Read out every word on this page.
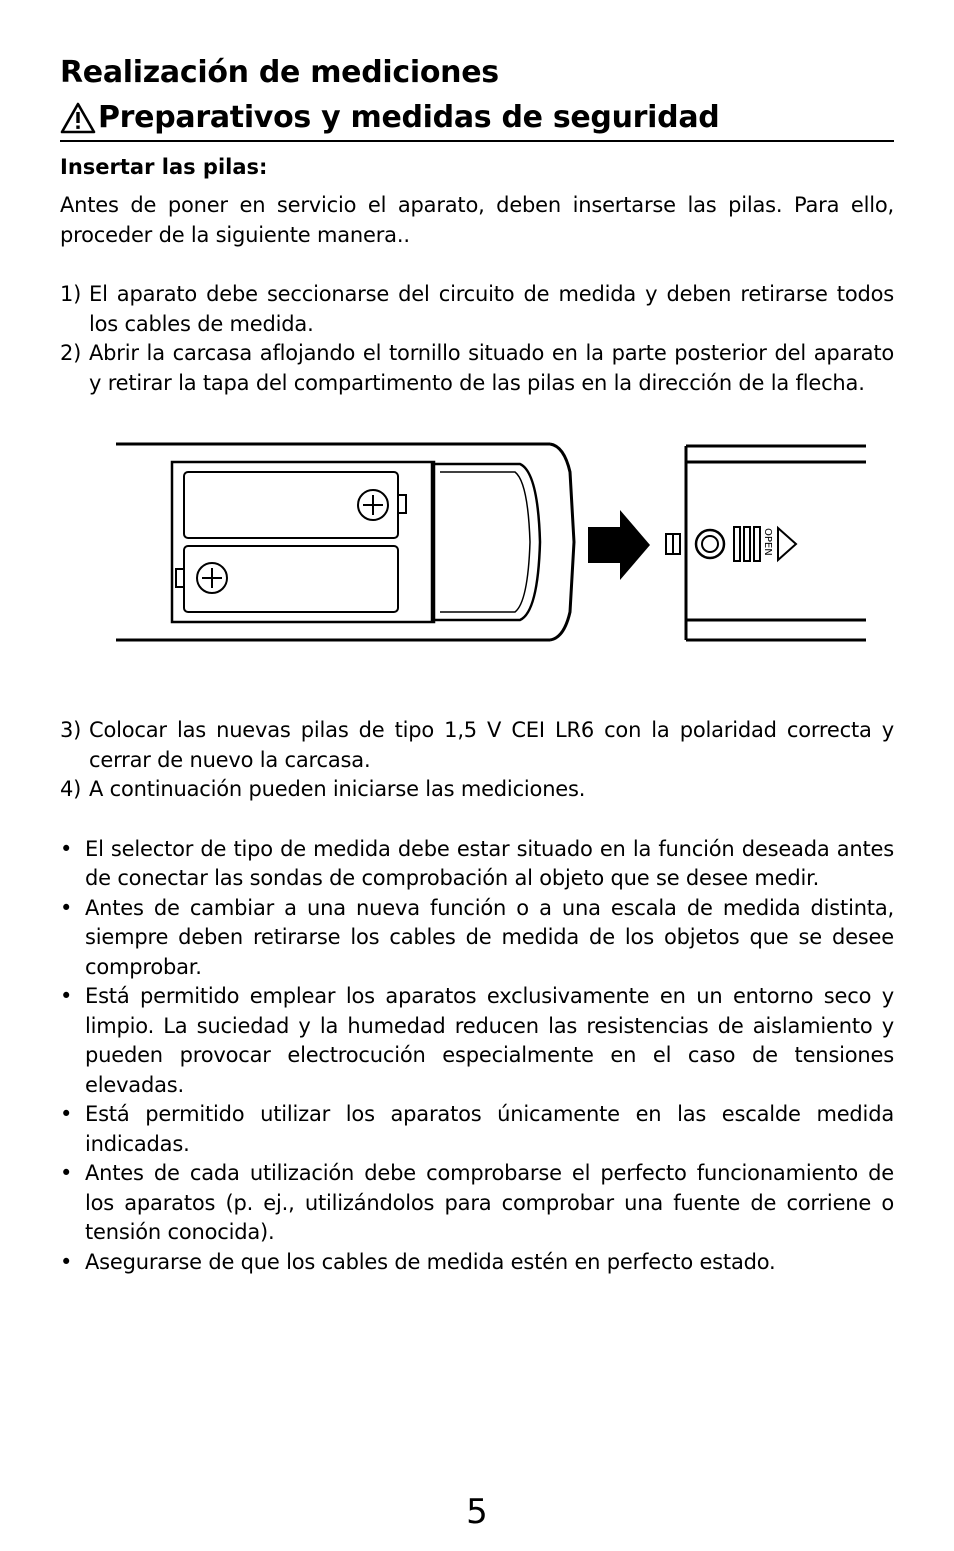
Realización de mediciones
Preparativos y medidas de seguridad
Insertar las pilas:

Antes de poner en servicio el aparato, deben insertarse las pilas. Para ello, proceder de la siguiente manera..

1) El aparato debe seccionarse del circuito de medida y deben retirarse todos los cables de medida.
2) Abrir la carcasa aflojando el tornillo situado en la parte posterior del aparato y retirar la tapa del compartimento de las pilas en la dirección de la flecha.
OPEN
3) Colocar las nuevas pilas de tipo 1,5 V CEI LR6 con la polaridad correcta y cerrar de nuevo la carcasa.
4) A continuación pueden iniciarse las mediciones.
• El selector de tipo de medida debe estar situado en la función deseada antes de conectar las sondas de comprobación al objeto que se desee medir.
• Antes de cambiar a una nueva función o a una escala de medida distinta, siempre deben retirarse los cables de medida de los objetos que se desee comprobar.
• Está permitido emplear los aparatos exclusivamente en un entorno seco y limpio. La suciedad y la humedad reducen las resistencias de aislamiento y pueden provocar electrocución especialmente en el caso de tensiones elevadas.
• Está permitido utilizar los aparatos únicamente en las escalde medida indicadas.
• Antes de cada utilización debe comprobarse el perfecto funcionamiento de los aparatos (p. ej., utilizándolos para comprobar una fuente de corriene o tensión conocida).
• Asegurarse de que los cables de medida estén en perfecto estado.
5
